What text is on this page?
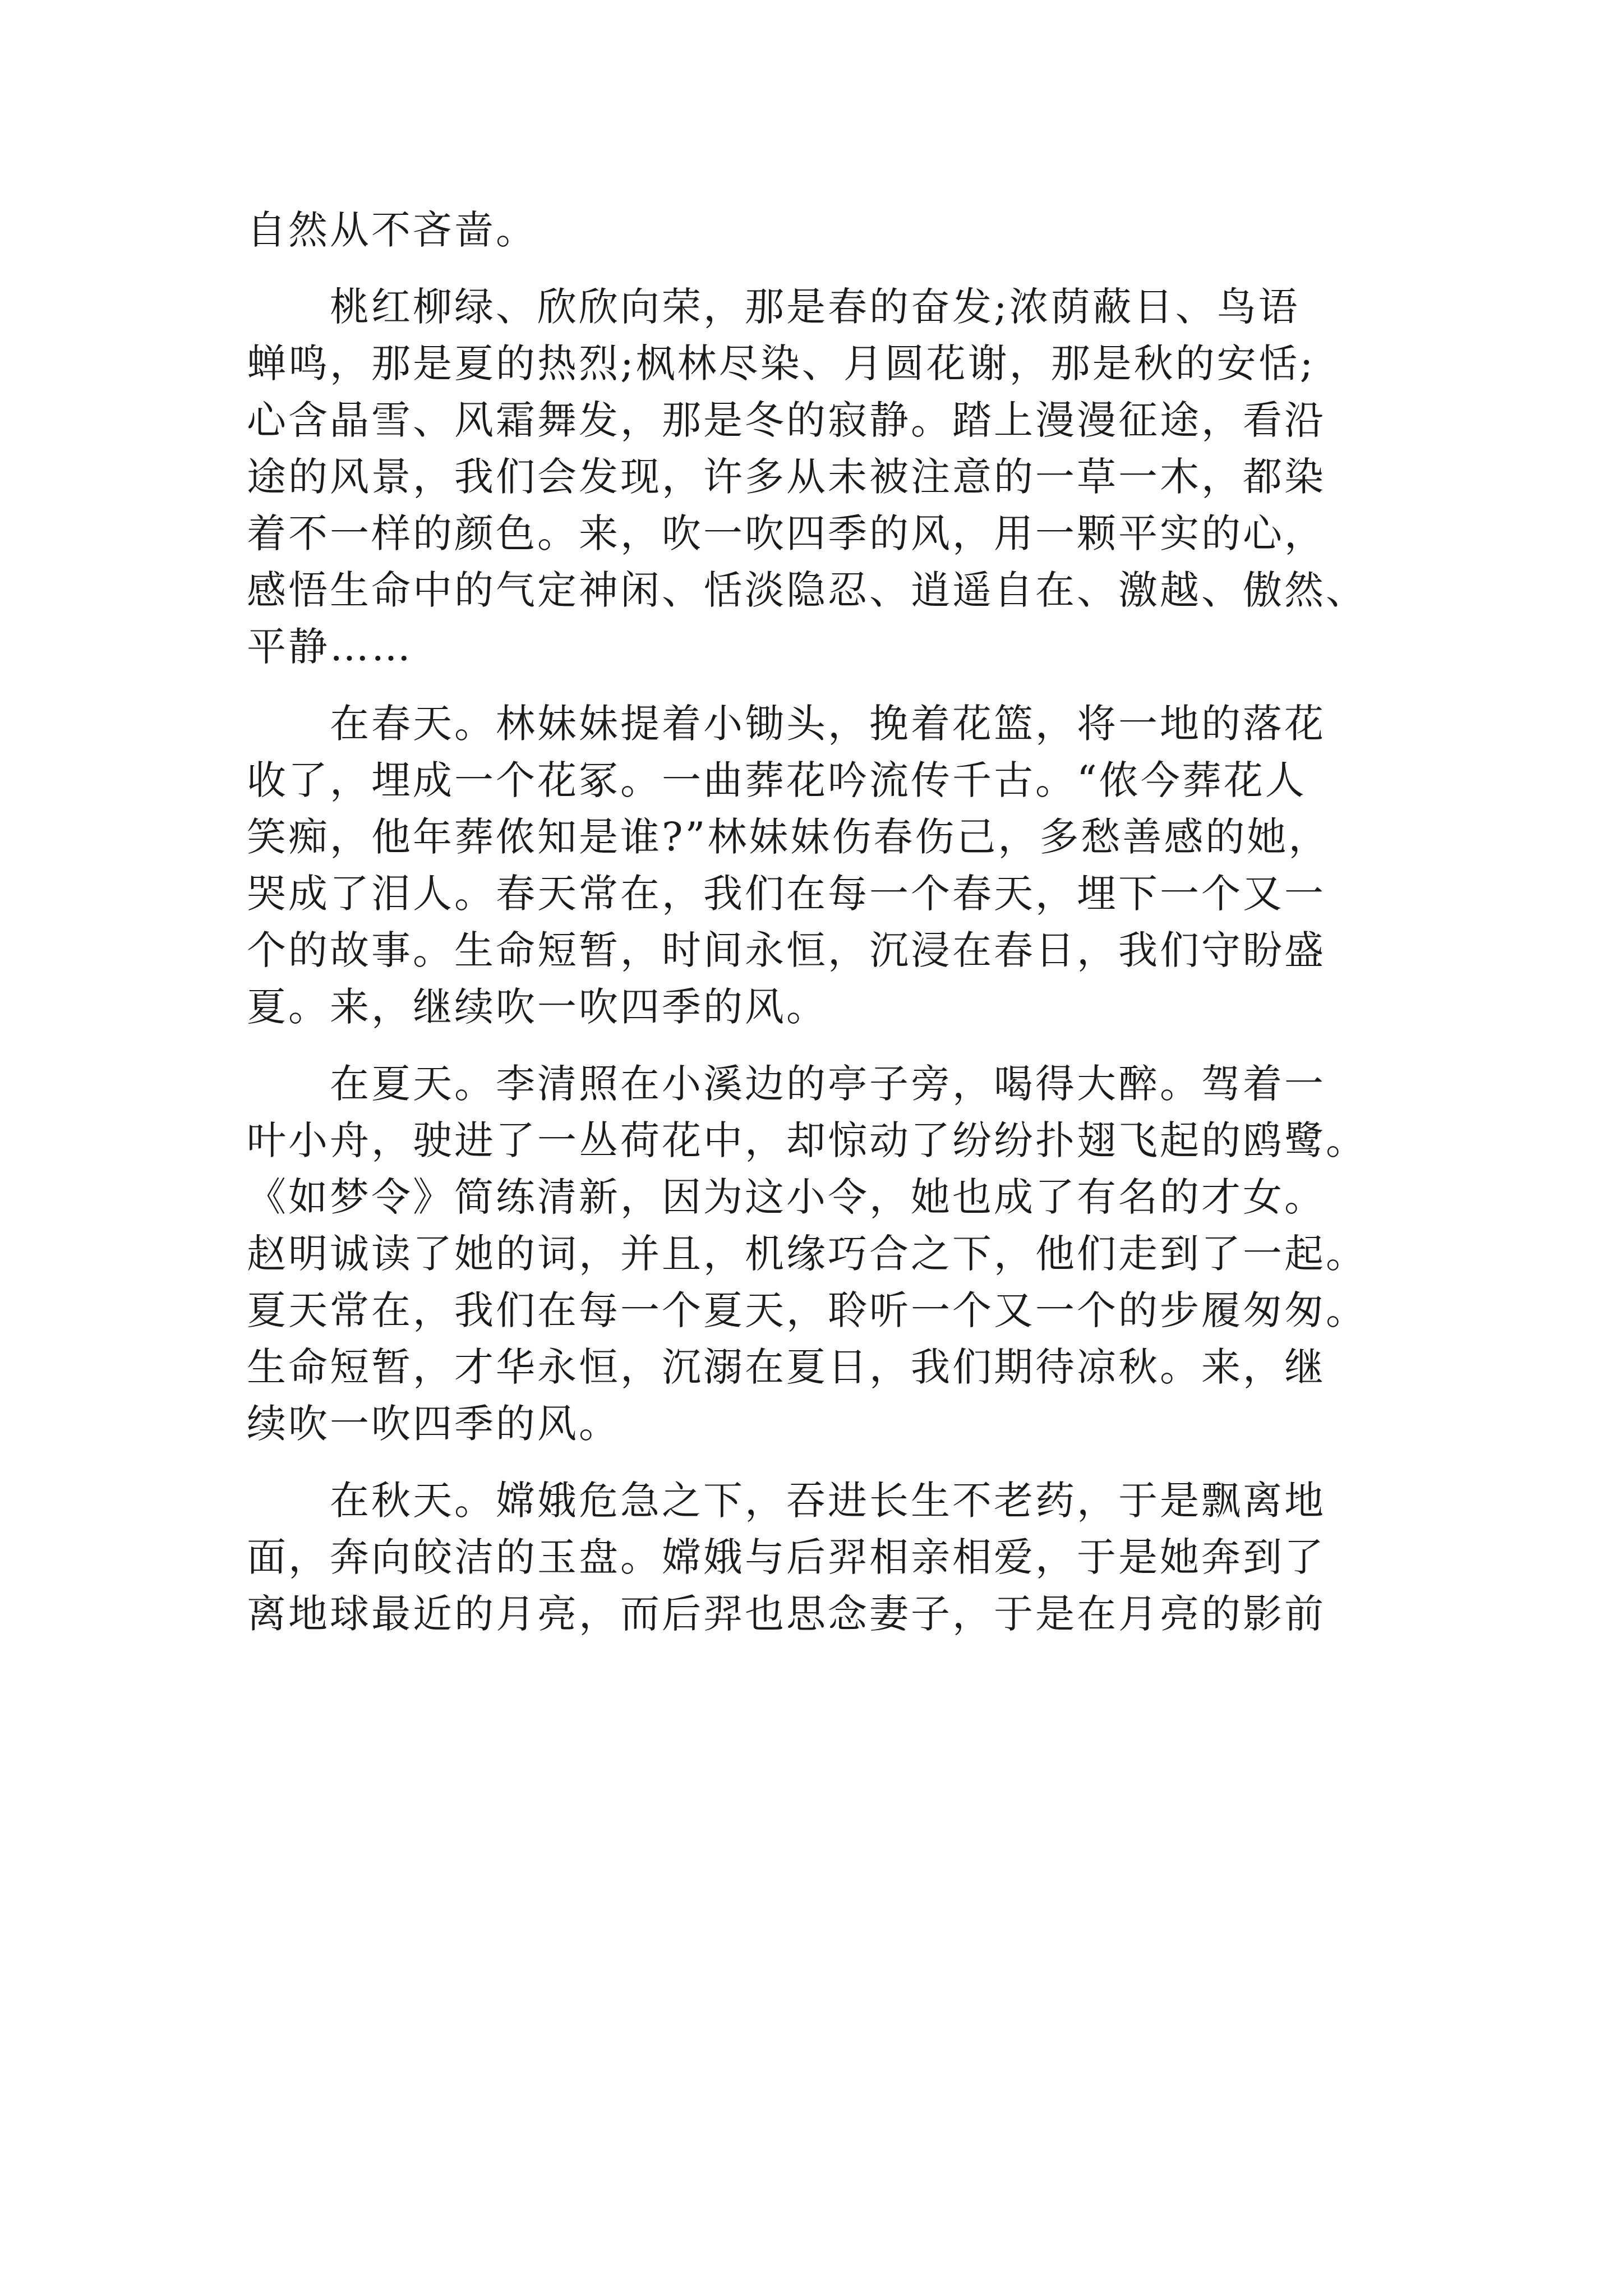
自然从不吝啬。
桃红柳绿、欣欣向荣，那是春的奋发;浓荫蔽日、鸟语
蝉鸣，那是夏的热烈;枫林尽染、月圆花谢，那是秋的安恬;
心含晶雪、风霜舞发，那是冬的寂静。踏上漫漫征途，看沿
途的风景，我们会发现，许多从未被注意的一草一木，都染
着不一样的颜色。来，吹一吹四季的风，用一颗平实的心，
感悟生命中的气定神闲、恬淡隐忍、逍遥自在、激越、傲然、
平静……
在春天。林妹妹提着小锄头，挽着花篮，将一地的落花
收了，埋成一个花冢。一曲葬花吟流传千古。“侬今葬花人
笑痴，他年葬侬知是谁?”林妹妹伤春伤己，多愁善感的她，
哭成了泪人。春天常在，我们在每一个春天，埋下一个又一
个的故事。生命短暂，时间永恒，沉浸在春日，我们守盼盛
夏。来，继续吹一吹四季的风。
在夏天。李清照在小溪边的亭子旁，喝得大醉。驾着一
叶小舟，驶进了一丛荷花中，却惊动了纷纷扑翅飞起的鸥鹭。
《如梦令》简练清新，因为这小令，她也成了有名的才女。
赵明诚读了她的词，并且，机缘巧合之下，他们走到了一起。
夏天常在，我们在每一个夏天，聆听一个又一个的步履匆匆。
生命短暂，才华永恒，沉溺在夏日，我们期待凉秋。来，继
续吹一吹四季的风。
在秋天。嫦娥危急之下，吞进长生不老药，于是飘离地
面，奔向皎洁的玉盘。嫦娥与后羿相亲相爱，于是她奔到了
离地球最近的月亮，而后羿也思念妻子，于是在月亮的影前
